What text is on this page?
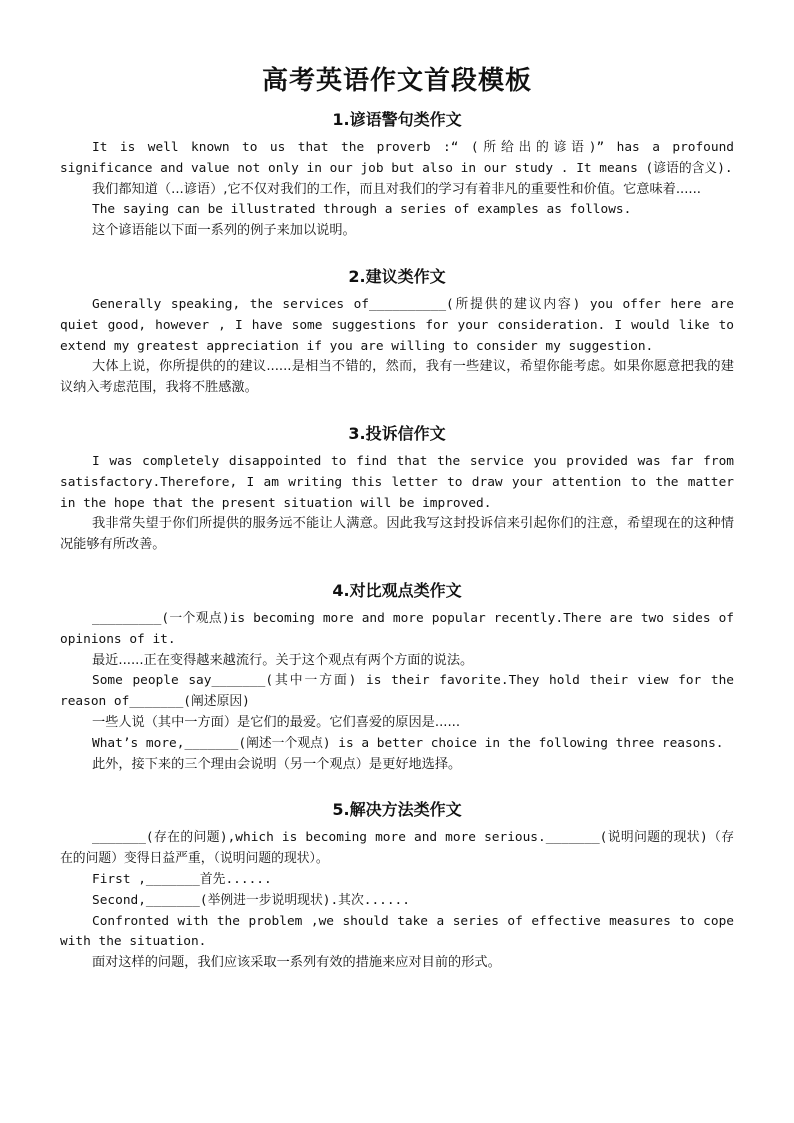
高考英语作文首段模板
1.谚语警句类作文

It is well known to us that the proverb :“ (所给出的谚语)” has a profound significance and value not only in our job but also in our study . It means (谚语的含义).

我们都知道（...谚语）,它不仅对我们的工作，而且对我们的学习有着非凡的重要性和价值。它意味着......

The saying can be illustrated through a series of examples as follows.

这个谚语能以下面一系列的例子来加以说明。

2.建议类作文

Generally speaking, the services of__________(所提供的建议内容) you offer here are quiet good, however , I have some suggestions for your consideration. I would like to extend my greatest appreciation if you are willing to consider my suggestion.

大体上说，你所提供的的建议......是相当不错的，然而，我有一些建议，希望你能考虑。如果你愿意把我的建议纳入考虑范围，我将不胜感激。

3.投诉信作文

I was completely disappointed to find that the service you provided was far from satisfactory.Therefore, I am writing this letter to draw your attention to the matter in the hope that the present situation will be improved.

我非常失望于你们所提供的服务远不能让人满意。因此我写这封投诉信来引起你们的注意，希望现在的这种情况能够有所改善。

4.对比观点类作文

_________(一个观点)is becoming more and more popular recently.There are two sides of opinions of it.

最近......正在变得越来越流行。关于这个观点有两个方面的说法。

Some people say_______(其中一方面) is their favorite.They hold their view for the reason of_______(阐述原因)

一些人说（其中一方面）是它们的最爱。它们喜爱的原因是......

What’s more,_______(阐述一个观点) is a better choice in the following three reasons.

此外，接下来的三个理由会说明（另一个观点）是更好地选择。

5.解决方法类作文

_______(存在的问题),which is becoming more and more serious._______(说明问题的现状)（存在的问题）变得日益严重，（说明问题的现状）。

First ,_______首先......

Second,_______(举例进一步说明现状).其次......

Confronted with the problem ,we should take a series of effective measures to cope with the situation.

面对这样的问题，我们应该采取一系列有效的措施来应对目前的形式。
